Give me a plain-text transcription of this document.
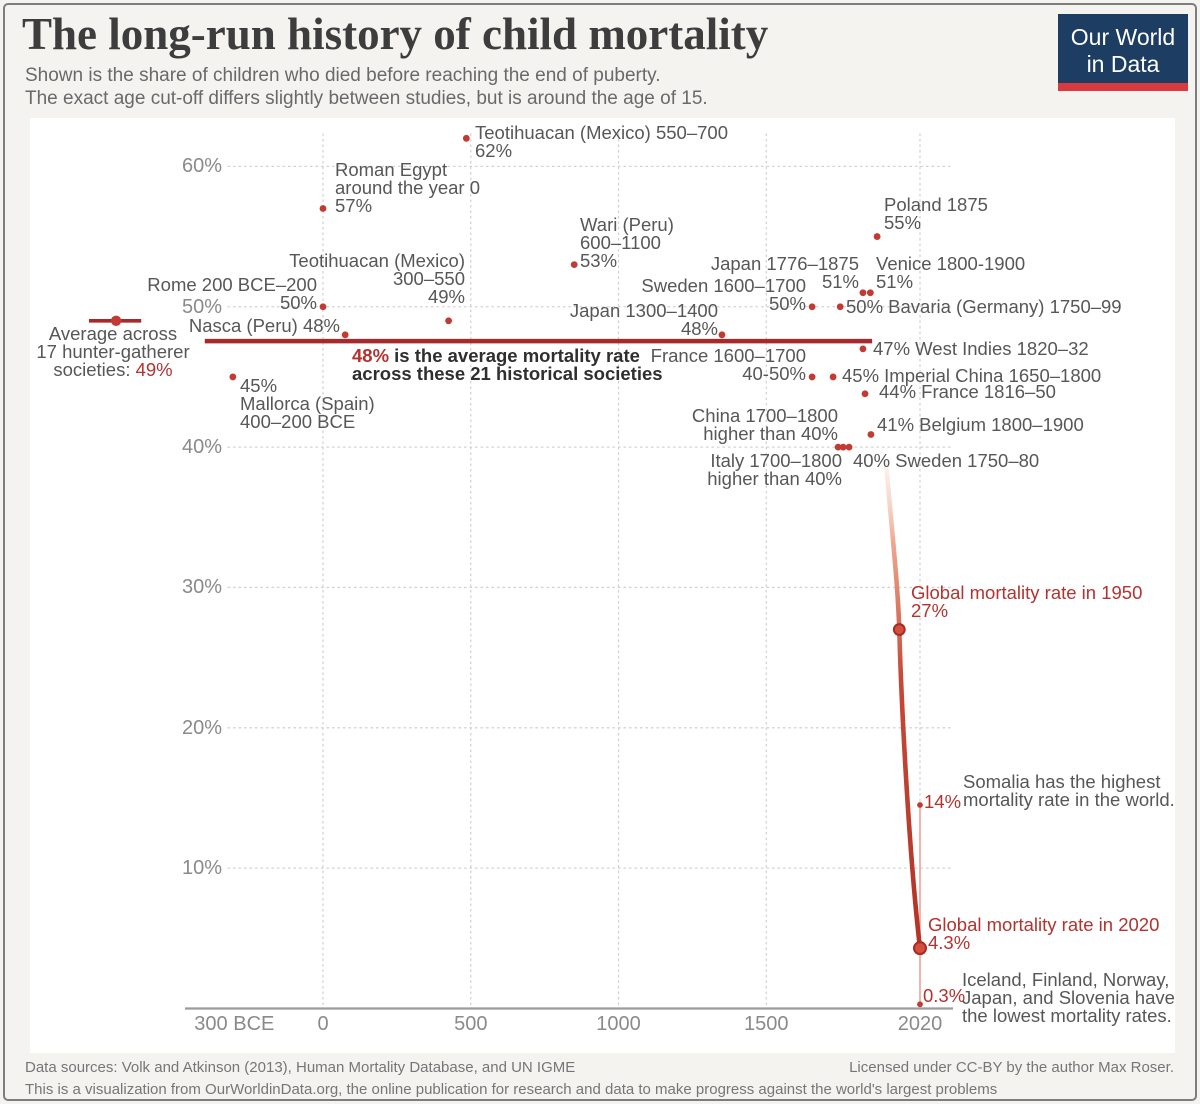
The long-run history of child mortality
Shown is the share of children who died before reaching the end of puberty.
The exact age cut-off differs slightly between studies, but is around the age of 15.
Our World
in Data
300 BCE 0	500	1000	1500	2020
60%
50%
40%
30%
20%
10%
Teotihuacan (Mexico) 550–700
62%
Roman Egypt
around the year 0
57%
Wari (Peru)
600–1100
53%
Poland 1875
55%
Teotihuacan (Mexico)
300–550
49%
Rome 200 BCE–200
50%
Nasca (Peru) 48%
Japan 1776–1875
51%
Venice 1800-1900
51%
Sweden 1600–1700
50% 50% Bavaria (Germany) 1750–99
Japan 1300–1400
48%
47% West Indies 1820–32
France 1600–1700
40-50% 45% Imperial China 1650–1800
44% France 1816–50
45%
Mallorca (Spain)
400–200 BCE	China 1700–1800
higher than 40% 41% Belgium 1800–1900
Italy 1700–1800
higher than 40%
40% Sweden 1750–80
Average across
17 hunter-gatherer
societies: 49%
48% is the average mortality rate
across these 21 historical societies
Global mortality rate in 1950
27%
Global mortality rate in 2020
4.3%
14%
Somalia has the highest
mortality rate in the world.
0.3%
Iceland, Finland, Norway,
Japan, and Slovenia have
the lowest mortality rates.
Data sources: Volk and Atkinson (2013), Human Mortality Database, and UN IGME	Licensed under CC-BY by the author Max Roser.
This is a visualization from OurWorldinData.org, the online publication for research and data to make progress against the world's largest problems
